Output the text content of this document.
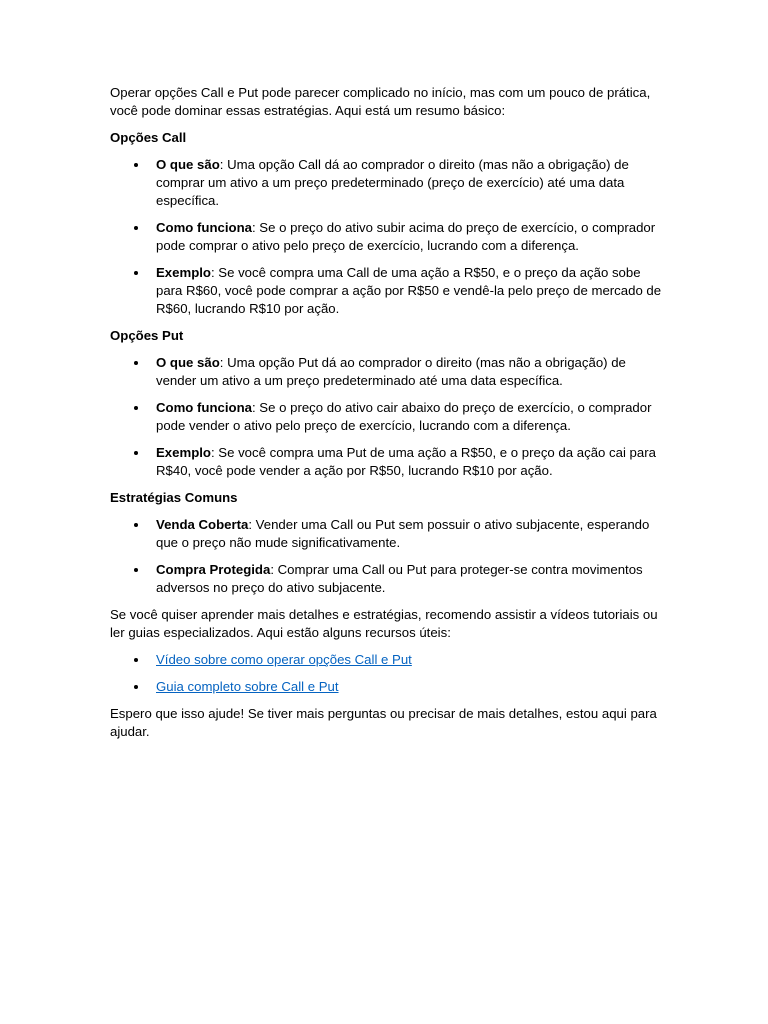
Operar opções Call e Put pode parecer complicado no início, mas com um pouco de prática, você pode dominar essas estratégias. Aqui está um resumo básico:

Opções Call
O que são: Uma opção Call dá ao comprador o direito (mas não a obrigação) de comprar um ativo a um preço predeterminado (preço de exercício) até uma data específica.
Como funciona: Se o preço do ativo subir acima do preço de exercício, o comprador pode comprar o ativo pelo preço de exercício, lucrando com a diferença.
Exemplo: Se você compra uma Call de uma ação a R$50, e o preço da ação sobe para R$60, você pode comprar a ação por R$50 e vendê-la pelo preço de mercado de R$60, lucrando R$10 por ação.
Opções Put
O que são: Uma opção Put dá ao comprador o direito (mas não a obrigação) de vender um ativo a um preço predeterminado até uma data específica.
Como funciona: Se o preço do ativo cair abaixo do preço de exercício, o comprador pode vender o ativo pelo preço de exercício, lucrando com a diferença.
Exemplo: Se você compra uma Put de uma ação a R$50, e o preço da ação cai para R$40, você pode vender a ação por R$50, lucrando R$10 por ação.
Estratégias Comuns
Venda Coberta: Vender uma Call ou Put sem possuir o ativo subjacente, esperando que o preço não mude significativamente.
Compra Protegida: Comprar uma Call ou Put para proteger-se contra movimentos adversos no preço do ativo subjacente.

Se você quiser aprender mais detalhes e estratégias, recomendo assistir a vídeos tutoriais ou ler guias especializados. Aqui estão alguns recursos úteis:

Vídeo sobre como operar opções Call e Put
Guia completo sobre Call e Put

Espero que isso ajude! Se tiver mais perguntas ou precisar de mais detalhes, estou aqui para ajudar.
